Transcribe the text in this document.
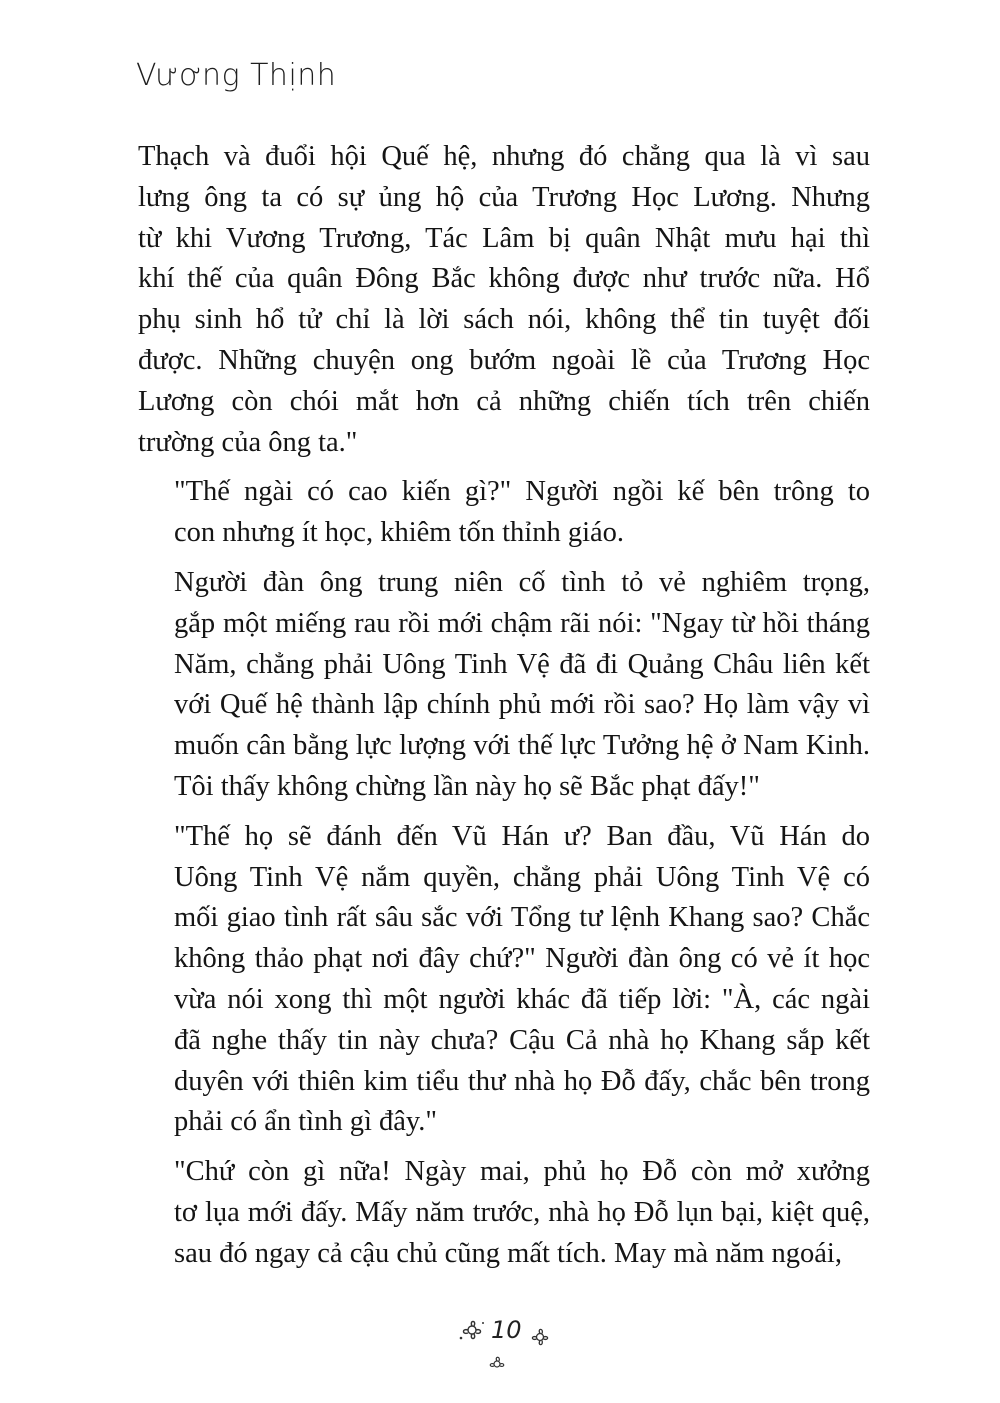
Vương Thịnh

Thạch và đuổi hội Quế hệ, nhưng đó chẳng qua là vì sau
lưng ông ta có sự ủng hộ của Trương Học Lương. Nhưng
từ khi Vương Trương, Tác Lâm bị quân Nhật mưu hại thì
khí thế của quân Đông Bắc không được như trước nữa. Hổ
phụ sinh hổ tử chỉ là lời sách nói, không thể tin tuyệt đối
được. Những chuyện ong bướm ngoài lề của Trương Học
Lương còn chói mắt hơn cả những chiến tích trên chiến
trường của ông ta."

"Thế ngài có cao kiến gì?" Người ngồi kế bên trông to
con nhưng ít học, khiêm tốn thỉnh giáo.

Người đàn ông trung niên cố tình tỏ vẻ nghiêm trọng,
gắp một miếng rau rồi mới chậm rãi nói: "Ngay từ hồi tháng
Năm, chẳng phải Uông Tinh Vệ đã đi Quảng Châu liên kết
với Quế hệ thành lập chính phủ mới rồi sao? Họ làm vậy vì
muốn cân bằng lực lượng với thế lực Tưởng hệ ở Nam Kinh.
Tôi thấy không chừng lần này họ sẽ Bắc phạt đấy!"

"Thế họ sẽ đánh đến Vũ Hán ư? Ban đầu, Vũ Hán do
Uông Tinh Vệ nắm quyền, chẳng phải Uông Tinh Vệ có
mối giao tình rất sâu sắc với Tổng tư lệnh Khang sao? Chắc
không thảo phạt nơi đây chứ?" Người đàn ông có vẻ ít học
vừa nói xong thì một người khác đã tiếp lời: "À, các ngài
đã nghe thấy tin này chưa? Cậu Cả nhà họ Khang sắp kết
duyên với thiên kim tiểu thư nhà họ Đỗ đấy, chắc bên trong
phải có ẩn tình gì đây."

"Chứ còn gì nữa! Ngày mai, phủ họ Đỗ còn mở xưởng
tơ lụa mới đấy. Mấy năm trước, nhà họ Đỗ lụn bại, kiệt quệ,
sau đó ngay cả cậu chủ cũng mất tích. May mà năm ngoái,

10
